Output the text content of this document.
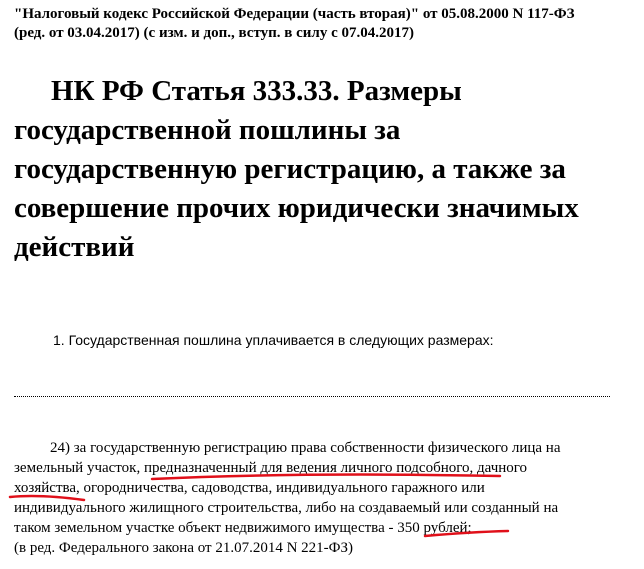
"Налоговый кодекс Российской Федерации (часть вторая)" от 05.08.2000 N 117-ФЗ
(ред. от 03.04.2017) (с изм. и доп., вступ. в силу с 07.04.2017)
НК РФ Статья 333.33. Размеры
государственной пошлины за
государственную регистрацию, а также за
совершение прочих юридически значимых
действий
1. Государственная пошлина уплачивается в следующих размерах:
24) за государственную регистрацию права собственности физического лица на
земельный участок, предназначенный для ведения личного подсобного, дачного
хозяйства, огородничества, садоводства, индивидуального гаражного или
индивидуального жилищного строительства, либо на создаваемый или созданный на
таком земельном участке объект недвижимого имущества - 350 рублей;
(в ред. Федерального закона от 21.07.2014 N 221-ФЗ)
